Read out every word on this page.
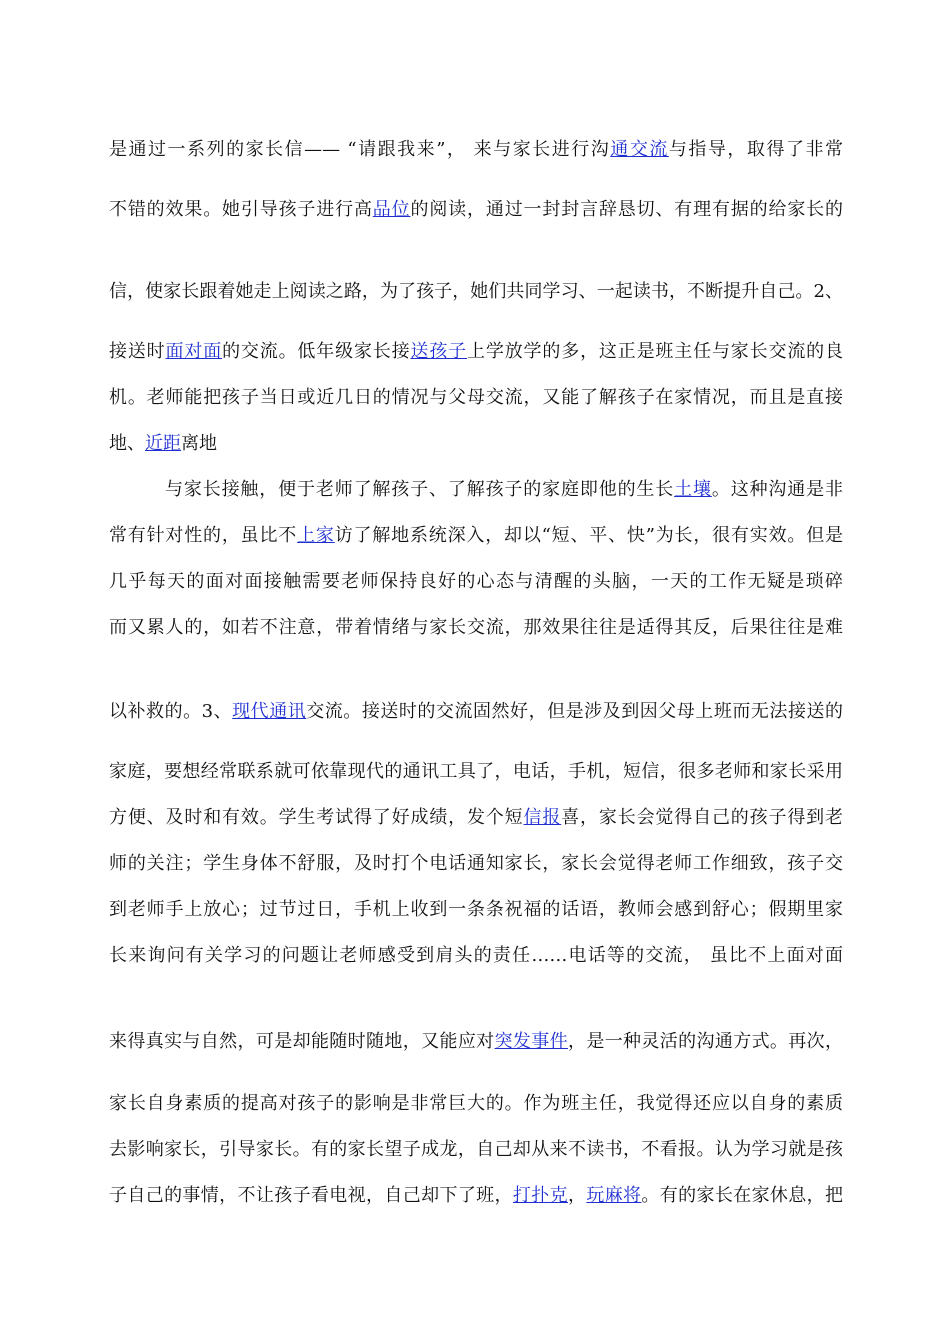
是通过一系列的家长信—— “请跟我来”， 来与家长进行沟通交流与指导，取得了非常
不错的效果。她引导孩子进行高品位的阅读，通过一封封言辞恳切、有理有据的给家长的
信，使家长跟着她走上阅读之路，为了孩子，她们共同学习、一起读书，不断提升自己。2、
接送时面对面的交流。低年级家长接送孩子上学放学的多，这正是班主任与家长交流的良
机。老师能把孩子当日或近几日的情况与父母交流，又能了解孩子在家情况，而且是直接
地、近距离地
与家长接触，便于老师了解孩子、了解孩子的家庭即他的生长土壤。这种沟通是非
常有针对性的，虽比不上家访了解地系统深入，却以“短、平、快”为长，很有实效。但是
几乎每天的面对面接触需要老师保持良好的心态与清醒的头脑，一天的工作无疑是琐碎
而又累人的，如若不注意，带着情绪与家长交流，那效果往往是适得其反，后果往往是难
以补救的。3、现代通讯交流。接送时的交流固然好，但是涉及到因父母上班而无法接送的
家庭，要想经常联系就可依靠现代的通讯工具了，电话，手机，短信，很多老师和家长采用
方便、及时和有效。学生考试得了好成绩，发个短信报喜，家长会觉得自己的孩子得到老
师的关注；学生身体不舒服，及时打个电话通知家长，家长会觉得老师工作细致，孩子交
到老师手上放心；过节过日，手机上收到一条条祝福的话语，教师会感到舒心；假期里家
长来询问有关学习的问题让老师感受到肩头的责任……电话等的交流， 虽比不上面对面
来得真实与自然，可是却能随时随地，又能应对突发事件，是一种灵活的沟通方式。再次，
家长自身素质的提高对孩子的影响是非常巨大的。作为班主任，我觉得还应以自身的素质
去影响家长，引导家长。有的家长望子成龙，自己却从来不读书，不看报。认为学习就是孩
子自己的事情，不让孩子看电视，自己却下了班，打扑克，玩麻将。有的家长在家休息，把
